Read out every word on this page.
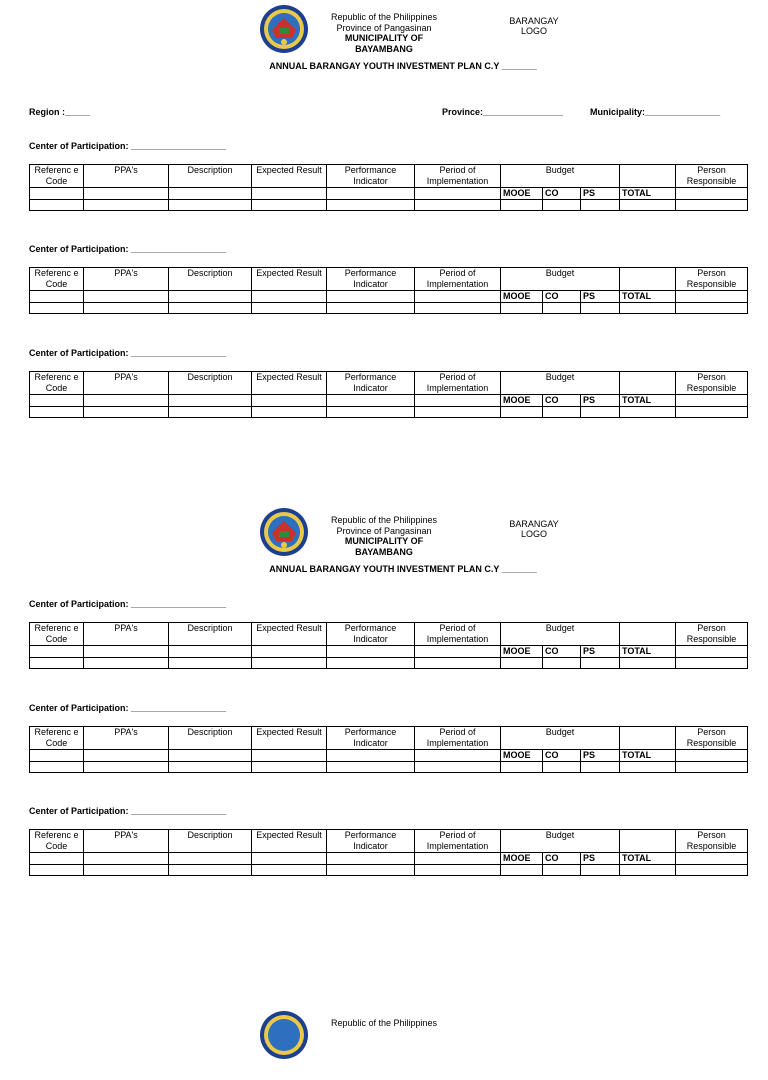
Republic of the Philippines
Province of Pangasinan
MUNICIPALITY OF
BAYAMBANG
BARANGAY
LOGO
ANNUAL BARANGAY YOUTH INVESTMENT PLAN C.Y _______
Region :_____	Province:________________	Municipality:_______________
Republic of the Philippines
Province of Pangasinan
MUNICIPALITY OF
BAYAMBANG
BARANGAY
LOGO
ANNUAL BARANGAY YOUTH INVESTMENT PLAN C.Y _______
Republic of the Philippines
Center of Participation: ___________________
Referenc e Code	PPA's	Description	Expected Result	Performance Indicator	Period of Implementation	Budget				Person Responsible

						MOOE	CO	PS	TOTAL	

Center of Participation: ___________________
Referenc e Code	PPA's	Description	Expected Result	Performance Indicator	Period of Implementation	Budget				Person Responsible

						MOOE	CO	PS	TOTAL	

Center of Participation: ___________________
Referenc e Code	PPA's	Description	Expected Result	Performance Indicator	Period of Implementation	Budget				Person Responsible

						MOOE	CO	PS	TOTAL	

Center of Participation: ___________________
Referenc e Code	PPA's	Description	Expected Result	Performance Indicator	Period of Implementation	Budget				Person Responsible

						MOOE	CO	PS	TOTAL	

Center of Participation: ___________________
Referenc e Code	PPA's	Description	Expected Result	Performance Indicator	Period of Implementation	Budget				Person Responsible

						MOOE	CO	PS	TOTAL	

Center of Participation: ___________________
Referenc e Code	PPA's	Description	Expected Result	Performance Indicator	Period of Implementation	Budget				Person Responsible

						MOOE	CO	PS	TOTAL	
